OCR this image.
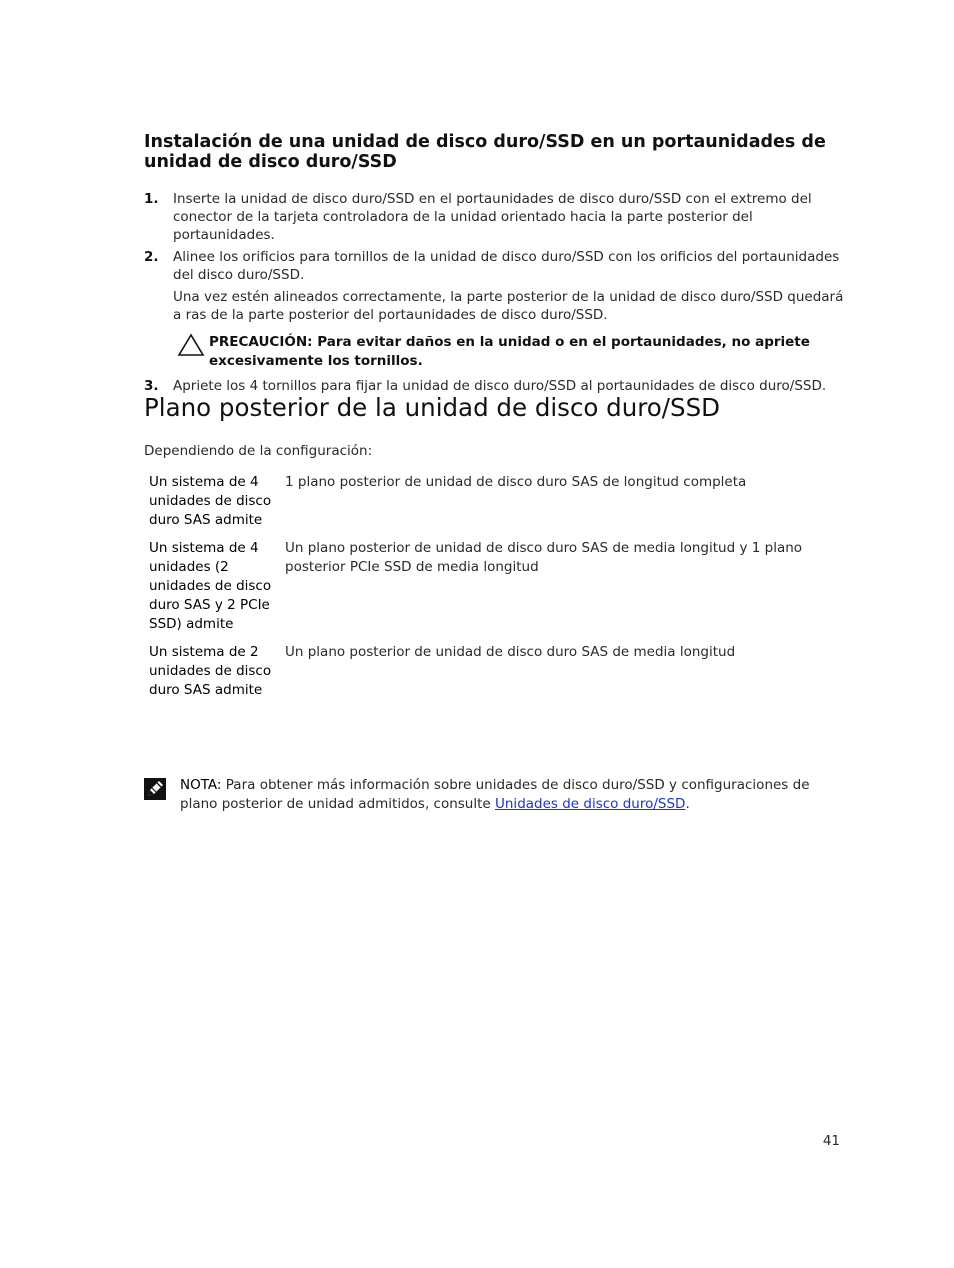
Instalación de una unidad de disco duro/SSD en un portaunidades de unidad de disco duro/SSD
1. Inserte la unidad de disco duro/SSD en el portaunidades de disco duro/SSD con el extremo del conector de la tarjeta controladora de la unidad orientado hacia la parte posterior del portaunidades.
2. Alinee los orificios para tornillos de la unidad de disco duro/SSD con los orificios del portaunidades del disco duro/SSD.
Una vez estén alineados correctamente, la parte posterior de la unidad de disco duro/SSD quedará a ras de la parte posterior del portaunidades de disco duro/SSD.
PRECAUCIÓN: Para evitar daños en la unidad o en el portaunidades, no apriete excesivamente los tornillos.
3. Apriete los 4 tornillos para fijar la unidad de disco duro/SSD al portaunidades de disco duro/SSD.
Plano posterior de la unidad de disco duro/SSD

Dependiendo de la configuración:

Un sistema de 4 unidades de disco duro SAS admite	1 plano posterior de unidad de disco duro SAS de longitud completa
Un sistema de 4 unidades (2 unidades de disco duro SAS y 2 PCIe SSD) admite	Un plano posterior de unidad de disco duro SAS de media longitud y 1 plano posterior PCIe SSD de media longitud
Un sistema de 2 unidades de disco duro SAS admite	Un plano posterior de unidad de disco duro SAS de media longitud
NOTA: Para obtener más información sobre unidades de disco duro/SSD y configuraciones de plano posterior de unidad admitidos, consulte Unidades de disco duro/SSD.
41
